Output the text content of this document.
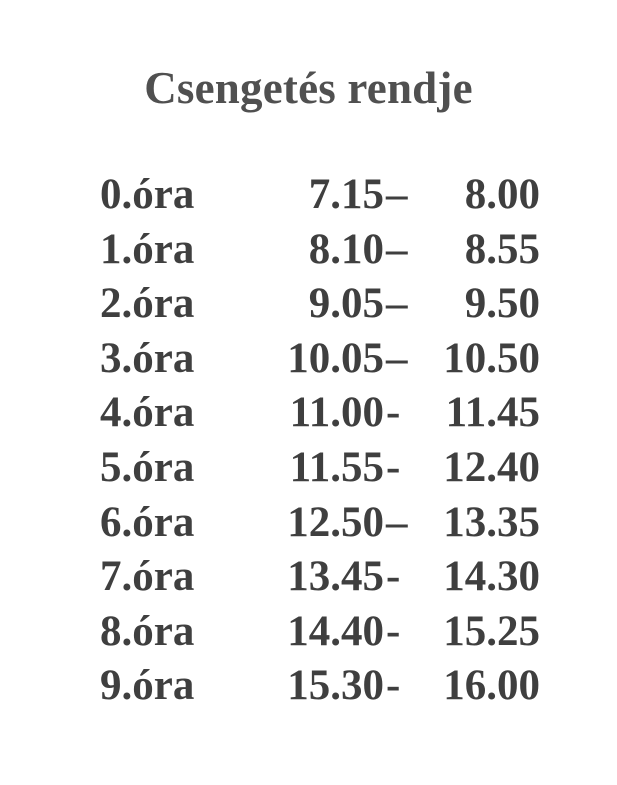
Csengetés rendje
0.óra	7.15 – 8.00
1.óra	8.10 – 8.55
2.óra	9.05 – 9.50
3.óra 10.05 – 10.50
4.óra 11.00 - 11.45
5.óra 11.55 - 12.40
6.óra 12.50 – 13.35
7.óra 13.45 - 14.30
8.óra 14.40 - 15.25
9.óra 15.30 - 16.00
